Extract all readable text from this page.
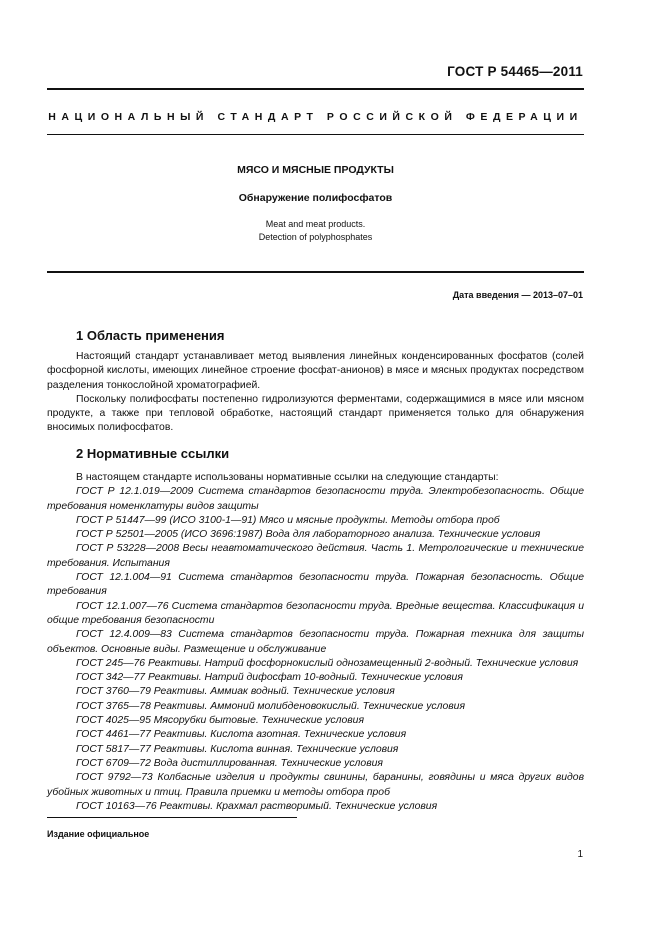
ГОСТ Р 54465—2011
НАЦИОНАЛЬНЫЙ СТАНДАРТ РОССИЙСКОЙ ФЕДЕРАЦИИ
МЯСО И МЯСНЫЕ ПРОДУКТЫ
Обнаружение полифосфатов
Meat and meat products.
Detection of polyphosphates
Дата введения — 2013–07–01
1 Область применения

Настоящий стандарт устанавливает метод выявления линейных конденсированных фосфатов (солей фосфорной кислоты, имеющих линейное строение фосфат-анионов) в мясе и мясных продуктах посредством разделения тонкослойной хроматографией.

Поскольку полифосфаты постепенно гидролизуются ферментами, содержащимися в мясе или мясном продукте, а также при тепловой обработке, настоящий стандарт применяется только для обнаружения вносимых полифосфатов.

2 Нормативные ссылки

В настоящем стандарте использованы нормативные ссылки на следующие стандарты:

ГОСТ Р 12.1.019—2009 Система стандартов безопасности труда. Электробезопасность. Общие требования номенклатуры видов защиты

ГОСТ Р 51447—99 (ИСО 3100-1—91) Мясо и мясные продукты. Методы отбора проб

ГОСТ Р 52501—2005 (ИСО 3696:1987) Вода для лабораторного анализа. Технические условия

ГОСТ Р 53228—2008 Весы неавтоматического действия. Часть 1. Метрологические и технические требования. Испытания

ГОСТ 12.1.004—91 Система стандартов безопасности труда. Пожарная безопасность. Общие требования

ГОСТ 12.1.007—76 Система стандартов безопасности труда. Вредные вещества. Классификация и общие требования безопасности

ГОСТ 12.4.009—83 Система стандартов безопасности труда. Пожарная техника для защиты объектов. Основные виды. Размещение и обслуживание

ГОСТ 245—76 Реактивы. Натрий фосфорнокислый однозамещенный 2-водный. Технические условия

ГОСТ 342—77 Реактивы. Натрий дифосфат 10-водный. Технические условия

ГОСТ 3760—79 Реактивы. Аммиак водный. Технические условия

ГОСТ 3765—78 Реактивы. Аммоний молибденовокислый. Технические условия

ГОСТ 4025—95 Мясорубки бытовые. Технические условия

ГОСТ 4461—77 Реактивы. Кислота азотная. Технические условия

ГОСТ 5817—77 Реактивы. Кислота винная. Технические условия

ГОСТ 6709—72 Вода дистиллированная. Технические условия

ГОСТ 9792—73 Колбасные изделия и продукты свинины, баранины, говядины и мяса других видов убойных животных и птиц. Правила приемки и методы отбора проб

ГОСТ 10163—76 Реактивы. Крахмал растворимый. Технические условия

Издание официальное
1
